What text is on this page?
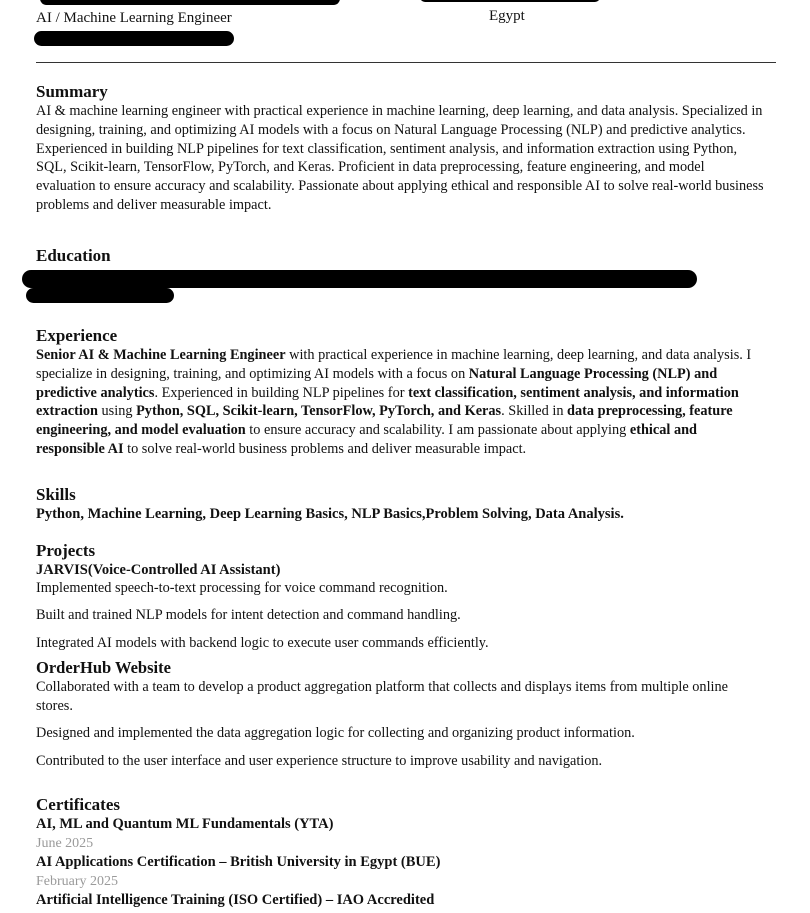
AI / Machine Learning Engineer	Egypt
Summary

AI & machine learning engineer with practical experience in machine learning, deep learning, and data analysis. Specialized in designing, training, and optimizing AI models with a focus on Natural Language Processing (NLP) and predictive analytics. Experienced in building NLP pipelines for text classification, sentiment analysis, and information extraction using Python, SQL, Scikit-learn, TensorFlow, PyTorch, and Keras. Proficient in data preprocessing, feature engineering, and model evaluation to ensure accuracy and scalability. Passionate about applying ethical and responsible AI to solve real-world business problems and deliver measurable impact.

Education
Experience

Senior AI & Machine Learning Engineer with practical experience in machine learning, deep learning, and data analysis. I specialize in designing, training, and optimizing AI models with a focus on Natural Language Processing (NLP) and predictive analytics. Experienced in building NLP pipelines for text classification, sentiment analysis, and information extraction using Python, SQL, Scikit-learn, TensorFlow, PyTorch, and Keras. Skilled in data preprocessing, feature engineering, and model evaluation to ensure accuracy and scalability. I am passionate about applying ethical and responsible AI to solve real-world business problems and deliver measurable impact.

Skills
Python, Machine Learning, Deep Learning Basics, NLP Basics,Problem Solving, Data Analysis.
Projects
JARVIS(Voice-Controlled AI Assistant)

Implemented speech-to-text processing for voice command recognition.

Built and trained NLP models for intent detection and command handling.

Integrated AI models with backend logic to execute user commands efficiently.

OrderHub Website

Collaborated with a team to develop a product aggregation platform that collects and displays items from multiple online stores.

Designed and implemented the data aggregation logic for collecting and organizing product information.

Contributed to the user interface and user experience structure to improve usability and navigation.

Certificates
AI, ML and Quantum ML Fundamentals (YTA)
June 2025
AI Applications Certification – British University in Egypt (BUE)
February 2025
Artificial Intelligence Training (ISO Certified) – IAO Accredited
